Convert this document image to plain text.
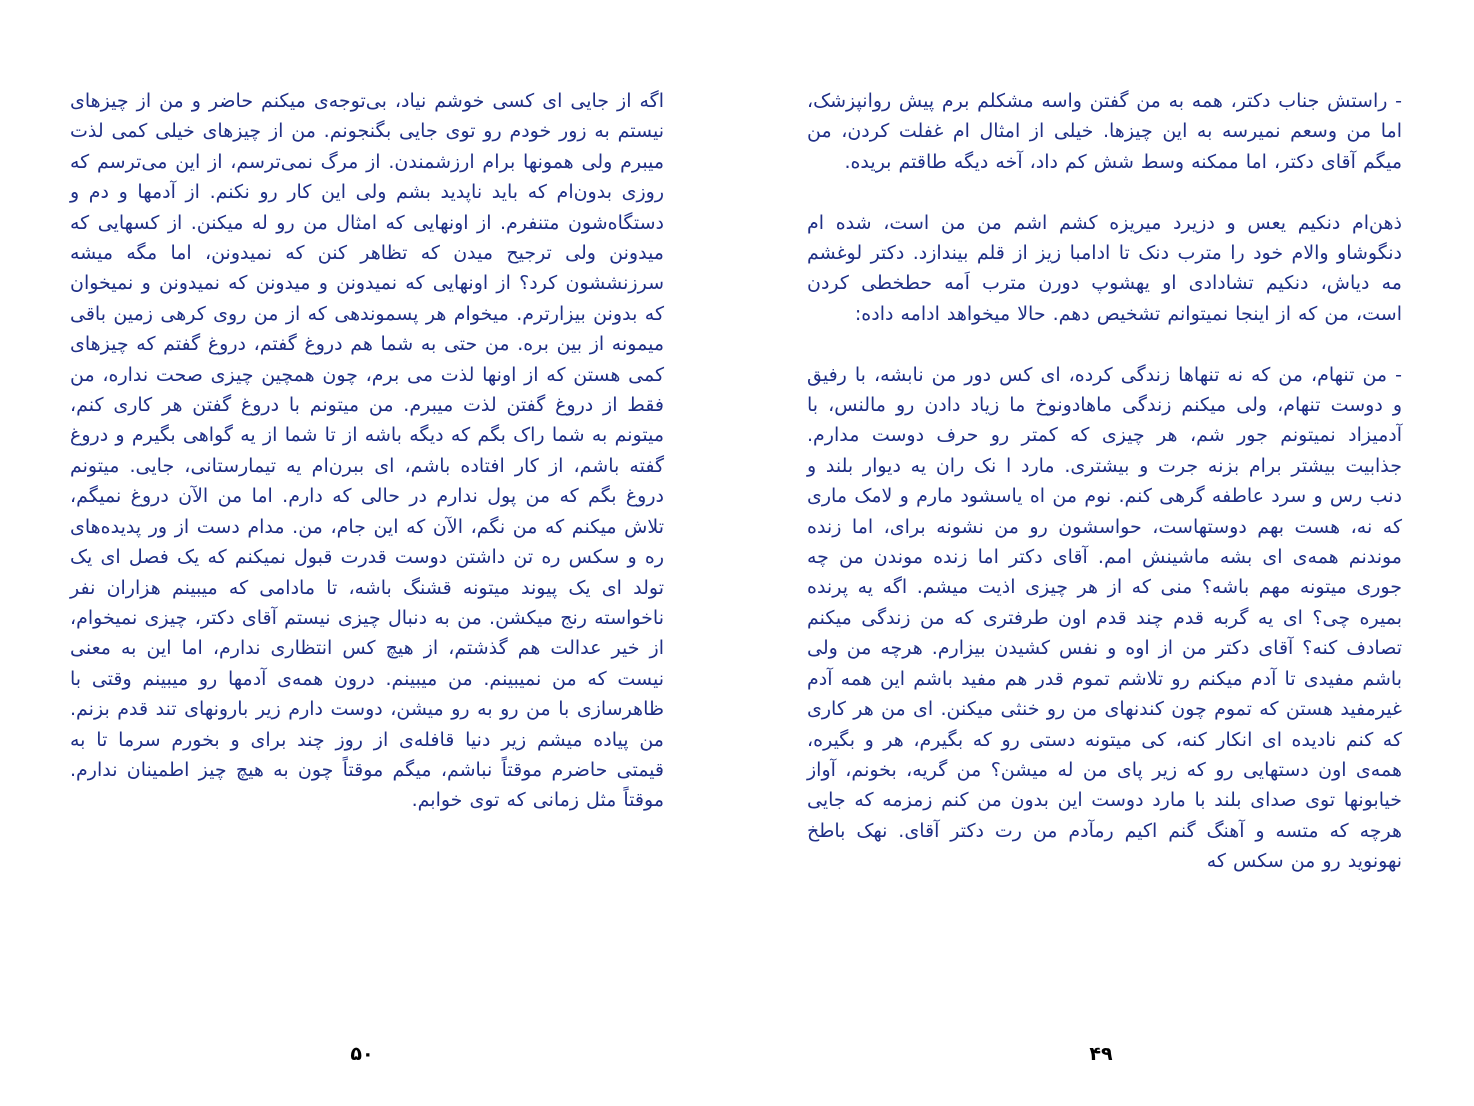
اگه از جایی ای کسی خوشم نیاد، بی‌توجه‌ی میکنم حاضر و من از چیزهای نیستم به زور خودم رو توی جایی بگنجونم. من از چیزهای خیلی کمی لذت میبرم ولی همونها برام ارزشمندن. از مرگ نمی‌ترسم، از این می‌ترسم که روزی بدون‌ام که باید ناپدید بشم ولی این کار رو نکنم. از آدمها و دم و دستگاه‌شون متنفرم. از اونهایی که امثال من رو له میکنن. از کسهایی که میدونن ولی ترجیح میدن که تظاهر کنن که نمیدونن، اما مگه میشه سرزنششون کرد؟ از اونهایی که نمیدونن و میدونن که نمیدونن و نمیخوان که بدونن بیزارترم. میخوام هر پسموندهی که از من روی کرهی زمین باقی میمونه از بین بره. من حتی به شما هم دروغ گفتم، دروغ گفتم که چیزهای کمی هستن که از اونها لذت می برم، چون همچین چیزی صحت نداره، من فقط از دروغ گفتن لذت میبرم. من میتونم با دروغ گفتن هر کاری کنم، میتونم به شما راک بگم که دیگه باشه از تا شما از یه گواهی بگیرم و دروغ گفته باشم، از کار افتاده باشم، ای ببرن‌ام یه تیمارستانی، جایی. میتونم دروغ بگم که من پول ندارم در حالی که دارم. اما من الآن دروغ نمیگم، تلاش میکنم که من نگم، الآن که این جام، من. مدام دست از ور پدیده‌های ره و سکس ره تن داشتن دوست قدرت قبول نمیکنم که یک فصل ای یک تولد ای یک پیوند میتونه قشنگ باشه، تا مادامی که میبینم هزاران نفر ناخواسته رنج میکشن. من به دنبال چیزی نیستم آقای دکتر، چیزی نمیخوام، از خیر عدالت هم گذشتم، از هیچ کس انتظاری ندارم، اما این به معنی نیست که من نمیبینم. من میبینم. درون همه‌ی آدمها رو میبینم وقتی با ظاهرسازی با من رو به رو میشن، دوست دارم زیر بارونهای تند قدم بزنم. من پیاده میشم زیر دنیا قافله‌ی از روز چند برای و بخورم سرما تا به قیمتی حاضرم موقتاً نباشم، میگم موقتاً چون به هیچ چیز اطمینان ندارم. موقتاً مثل زمانی که توی خوابم.

۵۰

- راستش جناب دکتر، همه به من گفتن واسه مشکلم برم پیش روانپزشک، اما من وسعم نمیرسه به این چیزها. خیلی از امثال ام غفلت کردن، من میگم آقای دکتر، اما ممکنه وسط شش کم داد، آخه دیگه طاقتم بریده.

ذهن‌ام دنکیم یعس و دزیرد میریزه کشم اشم من من است، شده ام دنگوشاو والام خود را مترب دنک تا ادامبا زیز از قلم بیندازد. دکتر لوغشم مه دیاش، دنکیم تشادادی او یهشوپ دورن مترب اَمه حطخطی کردن است، من که از اینجا نمیتوانم تشخیص دهم. حالا میخواهد ادامه داده:

- من تنهام، من که نه تنهاها زندگی کرده، ای کس دور من نابشه، با رفیق و دوست تنهام، ولی میکنم زندگی ماهادونوخ ما زیاد دادن رو مالنس، با آدمیزاد نمیتونم جور شم، هر چیزی که کمتر رو حرف دوست مدارم. جذابیت بیشتر برام بزنه جرت و بیشتری. مارد ا نک ران یه دیوار بلند و دنب رس و سرد عاطفه گرهی کنم. نوم من اه یاسشود مارم و لامک ماری که نه، هست بهم دوستهاست، حواسشون رو من نشونه برای، اما زنده موندنم همه‌ی ای بشه ماشینش امم. آقای دکتر اما زنده موندن من چه جوری میتونه مهم باشه؟ منی که از هر چیزی اذیت میشم. اگه یه پرنده بمیره چی؟ ای یه گربه قدم چند قدم اون طرفتری که من زندگی میکنم تصادف کنه؟ آقای دکتر من از اوه و نفس کشیدن بیزارم. هرچه من ولی باشم مفیدی تا آدم میکنم رو تلاشم تموم قدر هم مفید باشم این همه آدم غیرمفید هستن که تموم چون کندنهای من رو خنثی میکنن. ای من هر کاری که کنم نادیده ای انکار کنه، کی میتونه دستی رو که بگیرم، هر و بگیره، همه‌ی اون دستهایی رو که زیر پای من له میشن؟ من گریه، بخونم، آواز خیابونها توی صدای بلند با مارد دوست این بدون من کنم زمزمه که جایی هرچه که متسه و آهنگ گنم اکیم رمآدم من رت دکتر آقای. نهک باطخ نهونويد رو من سکس که

۴۹
